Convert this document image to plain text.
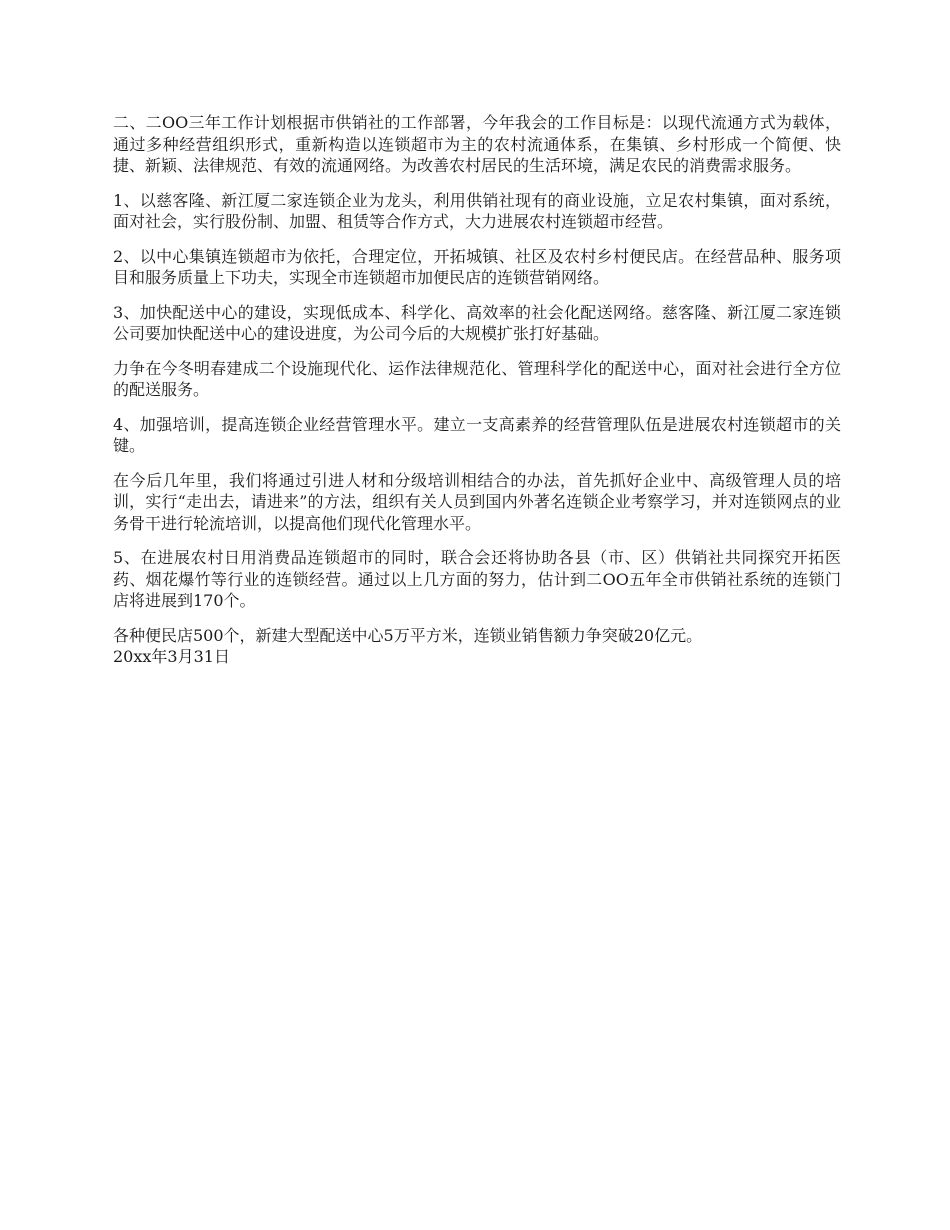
二、二OO三年工作计划根据市供销社的工作部署，今年我会的工作目标是：以现代流通方式为载体，通过多种经营组织形式，重新构造以连锁超市为主的农村流通体系，在集镇、乡村形成一个简便、快捷、新颖、法律规范、有效的流通网络。为改善农村居民的生活环境，满足农民的消费需求服务。

1、以慈客隆、新江厦二家连锁企业为龙头，利用供销社现有的商业设施，立足农村集镇，面对系统，面对社会，实行股份制、加盟、租赁等合作方式，大力进展农村连锁超市经营。

2、以中心集镇连锁超市为依托，合理定位，开拓城镇、社区及农村乡村便民店。在经营品种、服务项目和服务质量上下功夫，实现全市连锁超市加便民店的连锁营销网络。

3、加快配送中心的建设，实现低成本、科学化、高效率的社会化配送网络。慈客隆、新江厦二家连锁公司要加快配送中心的建设进度，为公司今后的大规模扩张打好基础。

力争在今冬明春建成二个设施现代化、运作法律规范化、管理科学化的配送中心，面对社会进行全方位的配送服务。

4、加强培训，提高连锁企业经营管理水平。建立一支高素养的经营管理队伍是进展农村连锁超市的关键。

在今后几年里，我们将通过引进人材和分级培训相结合的办法，首先抓好企业中、高级管理人员的培训，实行“走出去，请进来”的方法，组织有关人员到国内外著名连锁企业考察学习，并对连锁网点的业务骨干进行轮流培训，以提高他们现代化管理水平。

5、在进展农村日用消费品连锁超市的同时，联合会还将协助各县（市、区）供销社共同探究开拓医药、烟花爆竹等行业的连锁经营。通过以上几方面的努力，估计到二OO五年全市供销社系统的连锁门店将进展到170个。

各种便民店500个，新建大型配送中心5万平方米，连锁业销售额力争突破20亿元。

20xx年3月31日
